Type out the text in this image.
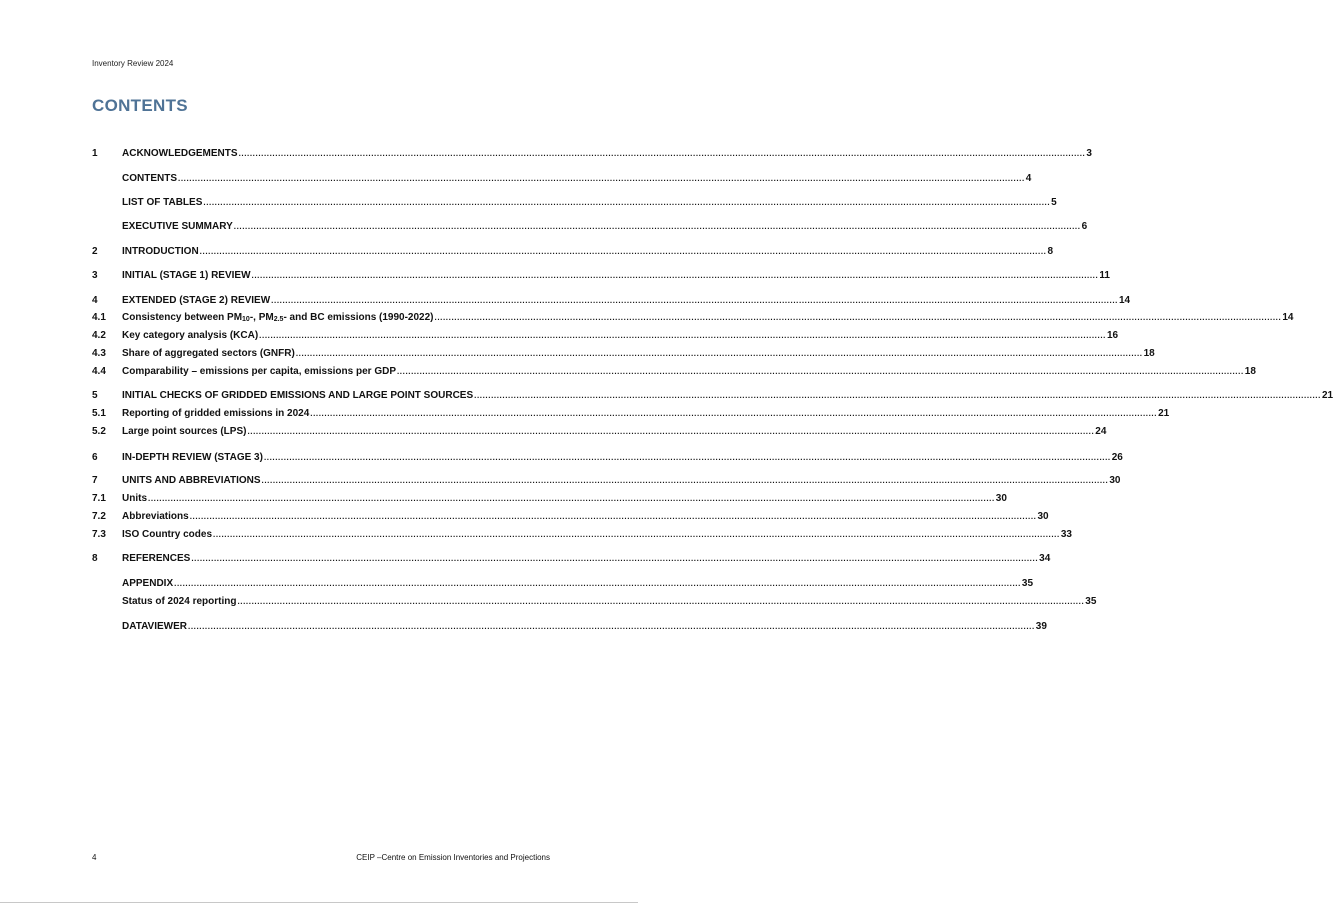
Inventory Review 2024
CONTENTS
1	ACKNOWLEDGEMENTS ............................................................................................................................................................................................................................................................................................................ 3
CONTENTS ............................................................................................................................................................................................................................................................................................................ 4
LIST OF TABLES ............................................................................................................................................................................................................................................................................................................ 5
EXECUTIVE SUMMARY ............................................................................................................................................................................................................................................................................................................ 6
2	INTRODUCTION ............................................................................................................................................................................................................................................................................................................ 8
3	INITIAL (STAGE 1) REVIEW ............................................................................................................................................................................................................................................................................................................ 11
4	EXTENDED (STAGE 2) REVIEW ............................................................................................................................................................................................................................................................................................................ 14
4.1	Consistency between $PM_{10}-$, $PM_{2.5}-$ and BC emissions (1990-2022) ............................................................................................................................................................................................................................................................................................................ 14
4.2	Key category analysis (KCA) ............................................................................................................................................................................................................................................................................................................ 16
4.3	Share of aggregated sectors (GNFR) ............................................................................................................................................................................................................................................................................................................ 18
4.4	Comparability – emissions per capita, emissions per GDP ............................................................................................................................................................................................................................................................................................................ 18
5	INITIAL CHECKS OF GRIDDED EMISSIONS AND LARGE POINT SOURCES ............................................................................................................................................................................................................................................................................................................ 21
5.1	Reporting of gridded emissions in 2024 ............................................................................................................................................................................................................................................................................................................ 21
5.2	Large point sources (LPS) ............................................................................................................................................................................................................................................................................................................ 24
6	IN-DEPTH REVIEW (STAGE 3) ............................................................................................................................................................................................................................................................................................................ 26
7	UNITS AND ABBREVIATIONS ............................................................................................................................................................................................................................................................................................................ 30
7.1	Units ............................................................................................................................................................................................................................................................................................................ 30
7.2	Abbreviations ............................................................................................................................................................................................................................................................................................................ 30
7.3	ISO Country codes ............................................................................................................................................................................................................................................................................................................ 33
8	REFERENCES ............................................................................................................................................................................................................................................................................................................ 34
APPENDIX ............................................................................................................................................................................................................................................................................................................ 35
Status of 2024 reporting ............................................................................................................................................................................................................................................................................................................ 35
DATAVIEWER ............................................................................................................................................................................................................................................................................................................ 39
4	CEIP –Centre on Emission Inventories and Projections
